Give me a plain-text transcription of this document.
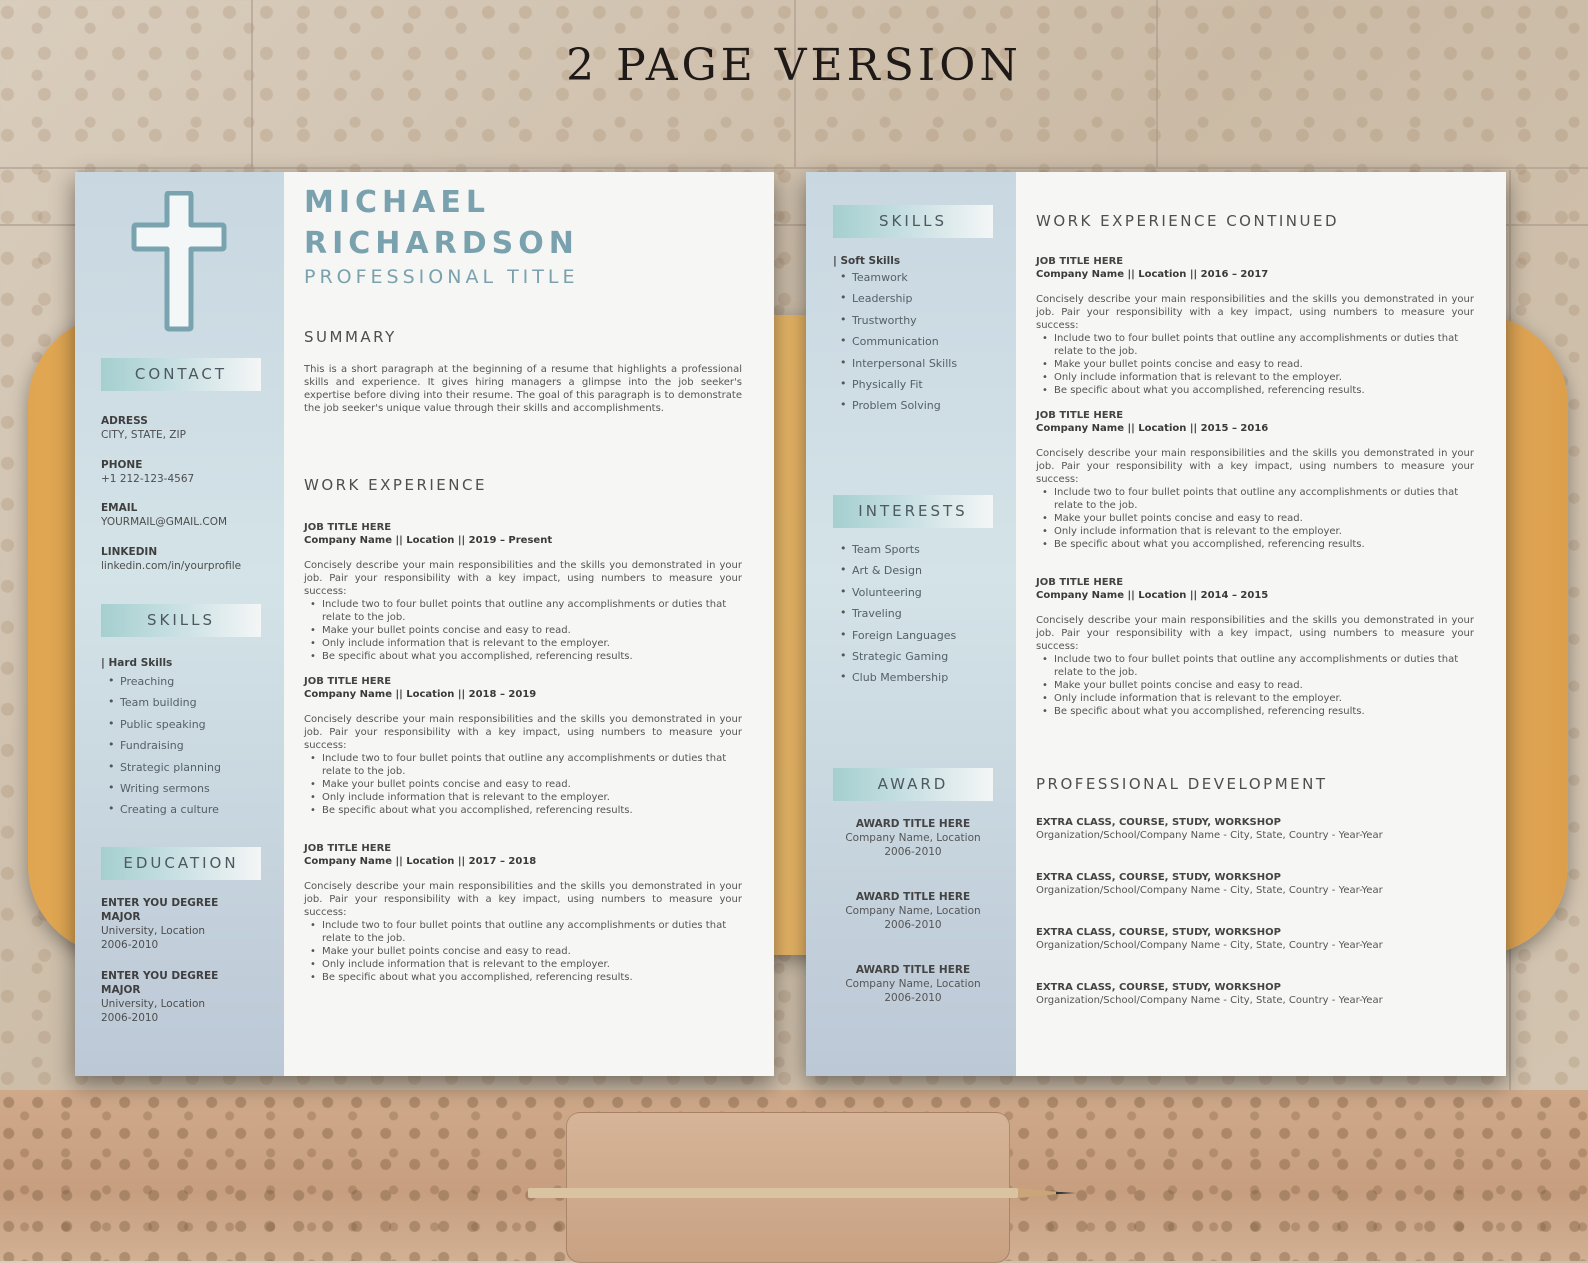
2 PAGE VERSION
CONTACT

ADRESS

CITY, STATE, ZIP

PHONE

+1 212-123-4567

EMAIL

YOURMAIL@GMAIL.COM

LINKEDIN

linkedin.com/in/yourprofile

SKILLS

| Hard Skills

• Preaching
• Team building
• Public speaking
• Fundraising
• Strategic planning
• Writing sermons
• Creating a culture
EDUCATION

ENTER YOU DEGREE

MAJOR

University, Location

2006-2010

ENTER YOU DEGREE

MAJOR

University, Location

2006-2010

MICHAEL

RICHARDSON

PROFESSIONAL TITLE

SUMMARY

This is a short paragraph at the beginning of a resume that highlights a professional skills and experience. It gives hiring managers a glimpse into the job seeker's expertise before diving into their resume. The goal of this paragraph is to demonstrate the job seeker's unique value through their skills and accomplishments.

WORK EXPERIENCE

JOB TITLE HERE

Company Name || Location || 2019 – Present

Concisely describe your main responsibilities and the skills you demonstrated in your job. Pair your responsibility with a key impact, using numbers to measure your success:

• Include two to four bullet points that outline any accomplishments or duties that relate to the job.
• Make your bullet points concise and easy to read.
• Only include information that is relevant to the employer.
• Be specific about what you accomplished, referencing results.

JOB TITLE HERE

Company Name || Location || 2018 – 2019

Concisely describe your main responsibilities and the skills you demonstrated in your job. Pair your responsibility with a key impact, using numbers to measure your success:

• Include two to four bullet points that outline any accomplishments or duties that relate to the job.
• Make your bullet points concise and easy to read.
• Only include information that is relevant to the employer.
• Be specific about what you accomplished, referencing results.

JOB TITLE HERE

Company Name || Location || 2017 – 2018

Concisely describe your main responsibilities and the skills you demonstrated in your job. Pair your responsibility with a key impact, using numbers to measure your success:

• Include two to four bullet points that outline any accomplishments or duties that relate to the job.
• Make your bullet points concise and easy to read.
• Only include information that is relevant to the employer.
• Be specific about what you accomplished, referencing results.
SKILLS

| Soft Skills

• Teamwork
• Leadership
• Trustworthy
• Communication
• Interpersonal Skills
• Physically Fit
• Problem Solving
INTERESTS
• Team Sports
• Art & Design
• Volunteering
• Traveling
• Foreign Languages
• Strategic Gaming
• Club Membership
AWARD

AWARD TITLE HERE

Company Name, Location

2006-2010

AWARD TITLE HERE

Company Name, Location

2006-2010

AWARD TITLE HERE

Company Name, Location

2006-2010

WORK EXPERIENCE CONTINUED

JOB TITLE HERE

Company Name || Location || 2016 – 2017

Concisely describe your main responsibilities and the skills you demonstrated in your job. Pair your responsibility with a key impact, using numbers to measure your success:

• Include two to four bullet points that outline any accomplishments or duties that relate to the job.
• Make your bullet points concise and easy to read.
• Only include information that is relevant to the employer.
• Be specific about what you accomplished, referencing results.

JOB TITLE HERE

Company Name || Location || 2015 – 2016

Concisely describe your main responsibilities and the skills you demonstrated in your job. Pair your responsibility with a key impact, using numbers to measure your success:

• Include two to four bullet points that outline any accomplishments or duties that relate to the job.
• Make your bullet points concise and easy to read.
• Only include information that is relevant to the employer.
• Be specific about what you accomplished, referencing results.

JOB TITLE HERE

Company Name || Location || 2014 – 2015

Concisely describe your main responsibilities and the skills you demonstrated in your job. Pair your responsibility with a key impact, using numbers to measure your success:

• Include two to four bullet points that outline any accomplishments or duties that relate to the job.
• Make your bullet points concise and easy to read.
• Only include information that is relevant to the employer.
• Be specific about what you accomplished, referencing results.

PROFESSIONAL DEVELOPMENT

EXTRA CLASS, COURSE, STUDY, WORKSHOP

Organization/School/Company Name - City, State, Country - Year-Year

EXTRA CLASS, COURSE, STUDY, WORKSHOP

Organization/School/Company Name - City, State, Country - Year-Year

EXTRA CLASS, COURSE, STUDY, WORKSHOP

Organization/School/Company Name - City, State, Country - Year-Year

EXTRA CLASS, COURSE, STUDY, WORKSHOP

Organization/School/Company Name - City, State, Country - Year-Year
